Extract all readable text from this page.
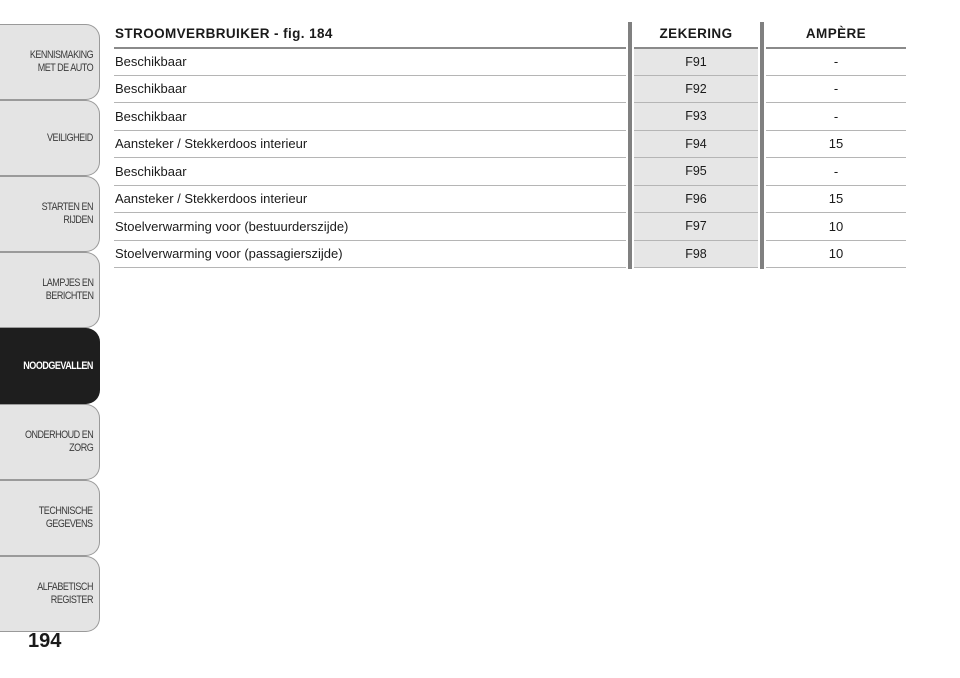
KENNISMAKING
MET DE AUTO
VEILIGHEID
STARTEN EN RIJDEN
LAMPJES EN
BERICHTEN
NOODGEVALLEN
ONDERHOUD EN
ZORG
TECHNISCHE
GEGEVENS
ALFABETISCH
REGISTER
194
STROOMVERBRUIKER - fig. 184		ZEKERING		AMPÈRE
Beschikbaar		F91		-
Beschikbaar		F92		-
Beschikbaar		F93		-
Aansteker / Stekkerdoos interieur		F94		15
Beschikbaar		F95		-
Aansteker / Stekkerdoos interieur		F96		15
Stoelverwarming voor (bestuurderszijde)		F97		10
Stoelverwarming voor (passagierszijde)		F98		10
